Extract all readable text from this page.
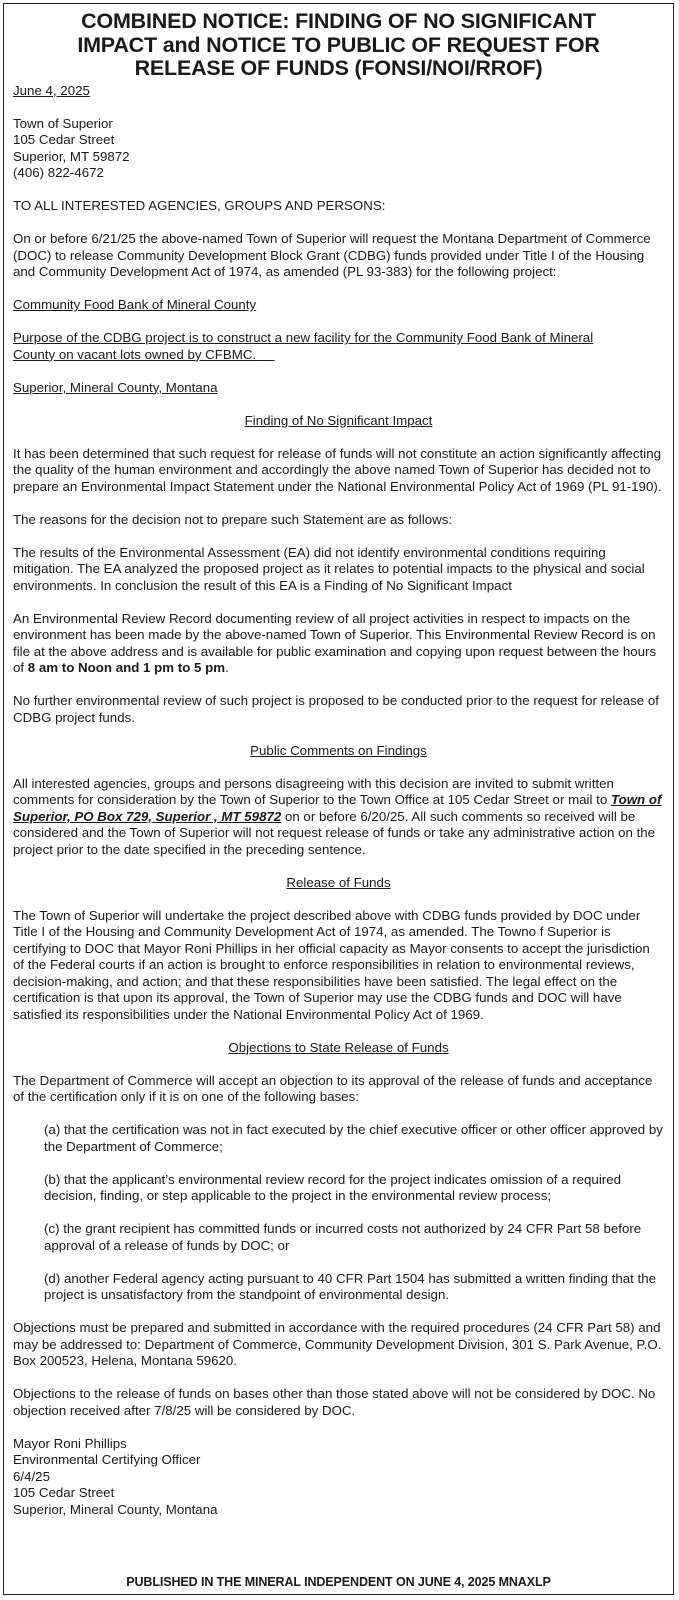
COMBINED NOTICE: FINDING OF NO SIGNIFICANT
IMPACT and NOTICE TO PUBLIC OF REQUEST FOR
RELEASE OF FUNDS (FONSI/NOI/RROF)
June 4, 2025
Town of Superior
105 Cedar Street
Superior, MT 59872
(406) 822-4672
TO ALL INTERESTED AGENCIES, GROUPS AND PERSONS:
On or before 6/21/25 the above-named Town of Superior will request the Montana Department of Commerce (DOC) to release Community Development Block Grant (CDBG) funds provided under Title I of the Housing and Community Development Act of 1974, as amended (PL 93-383) for the following project:
Community Food Bank of Mineral County
Purpose of the CDBG project is to construct a new facility for the Community Food Bank of Mineral County on vacant lots owned by CFBMC.
Superior, Mineral County, Montana
Finding of No Significant Impact
It has been determined that such request for release of funds will not constitute an action significantly affecting the quality of the human environment and accordingly the above named Town of Superior has decided not to prepare an Environmental Impact Statement under the National Environmental Policy Act of 1969 (PL 91-190).
The reasons for the decision not to prepare such Statement are as follows:
The results of the Environmental Assessment (EA) did not identify environmental conditions requiring mitigation. The EA analyzed the proposed project as it relates to potential impacts to the physical and social environments. In conclusion the result of this EA is a Finding of No Significant Impact
An Environmental Review Record documenting review of all project activities in respect to impacts on the environment has been made by the above-named Town of Superior. This Environmental Review Record is on file at the above address and is available for public examination and copying upon request between the hours of 8 am to Noon and 1 pm to 5 pm.
No further environmental review of such project is proposed to be conducted prior to the request for release of CDBG project funds.
Public Comments on Findings
All interested agencies, groups and persons disagreeing with this decision are invited to submit written comments for consideration by the Town of Superior to the Town Office at 105 Cedar Street or mail to Town of Superior, PO Box 729, Superior , MT 59872 on or before 6/20/25. All such comments so received will be considered and the Town of Superior will not request release of funds or take any administrative action on the project prior to the date specified in the preceding sentence.
Release of Funds
The Town of Superior will undertake the project described above with CDBG funds provided by DOC under Title I of the Housing and Community Development Act of 1974, as amended. The Towno f Superior is certifying to DOC that Mayor Roni Phillips in her official capacity as Mayor consents to accept the jurisdiction of the Federal courts if an action is brought to enforce responsibilities in relation to environmental reviews, decision-making, and action; and that these responsibilities have been satisfied. The legal effect on the certification is that upon its approval, the Town of Superior may use the CDBG funds and DOC will have satisfied its responsibilities under the National Environmental Policy Act of 1969.
Objections to State Release of Funds
The Department of Commerce will accept an objection to its approval of the release of funds and acceptance of the certification only if it is on one of the following bases:
(a) that the certification was not in fact executed by the chief executive officer or other officer approved by the Department of Commerce;
(b) that the applicant’s environmental review record for the project indicates omission of a required decision, finding, or step applicable to the project in the environmental review process;
(c) the grant recipient has committed funds or incurred costs not authorized by 24 CFR Part 58 before approval of a release of funds by DOC; or
(d) another Federal agency acting pursuant to 40 CFR Part 1504 has submitted a written finding that the project is unsatisfactory from the standpoint of environmental design.
Objections must be prepared and submitted in accordance with the required procedures (24 CFR Part 58) and may be addressed to: Department of Commerce, Community Development Division, 301 S. Park Avenue, P.O. Box 200523, Helena, Montana 59620.
Objections to the release of funds on bases other than those stated above will not be considered by DOC. No objection received after 7/8/25 will be considered by DOC.
Mayor Roni Phillips
Environmental Certifying Officer
6/4/25
105 Cedar Street
Superior, Mineral County, Montana
PUBLISHED IN THE MINERAL INDEPENDENT ON JUNE 4, 2025 MNAXLP
